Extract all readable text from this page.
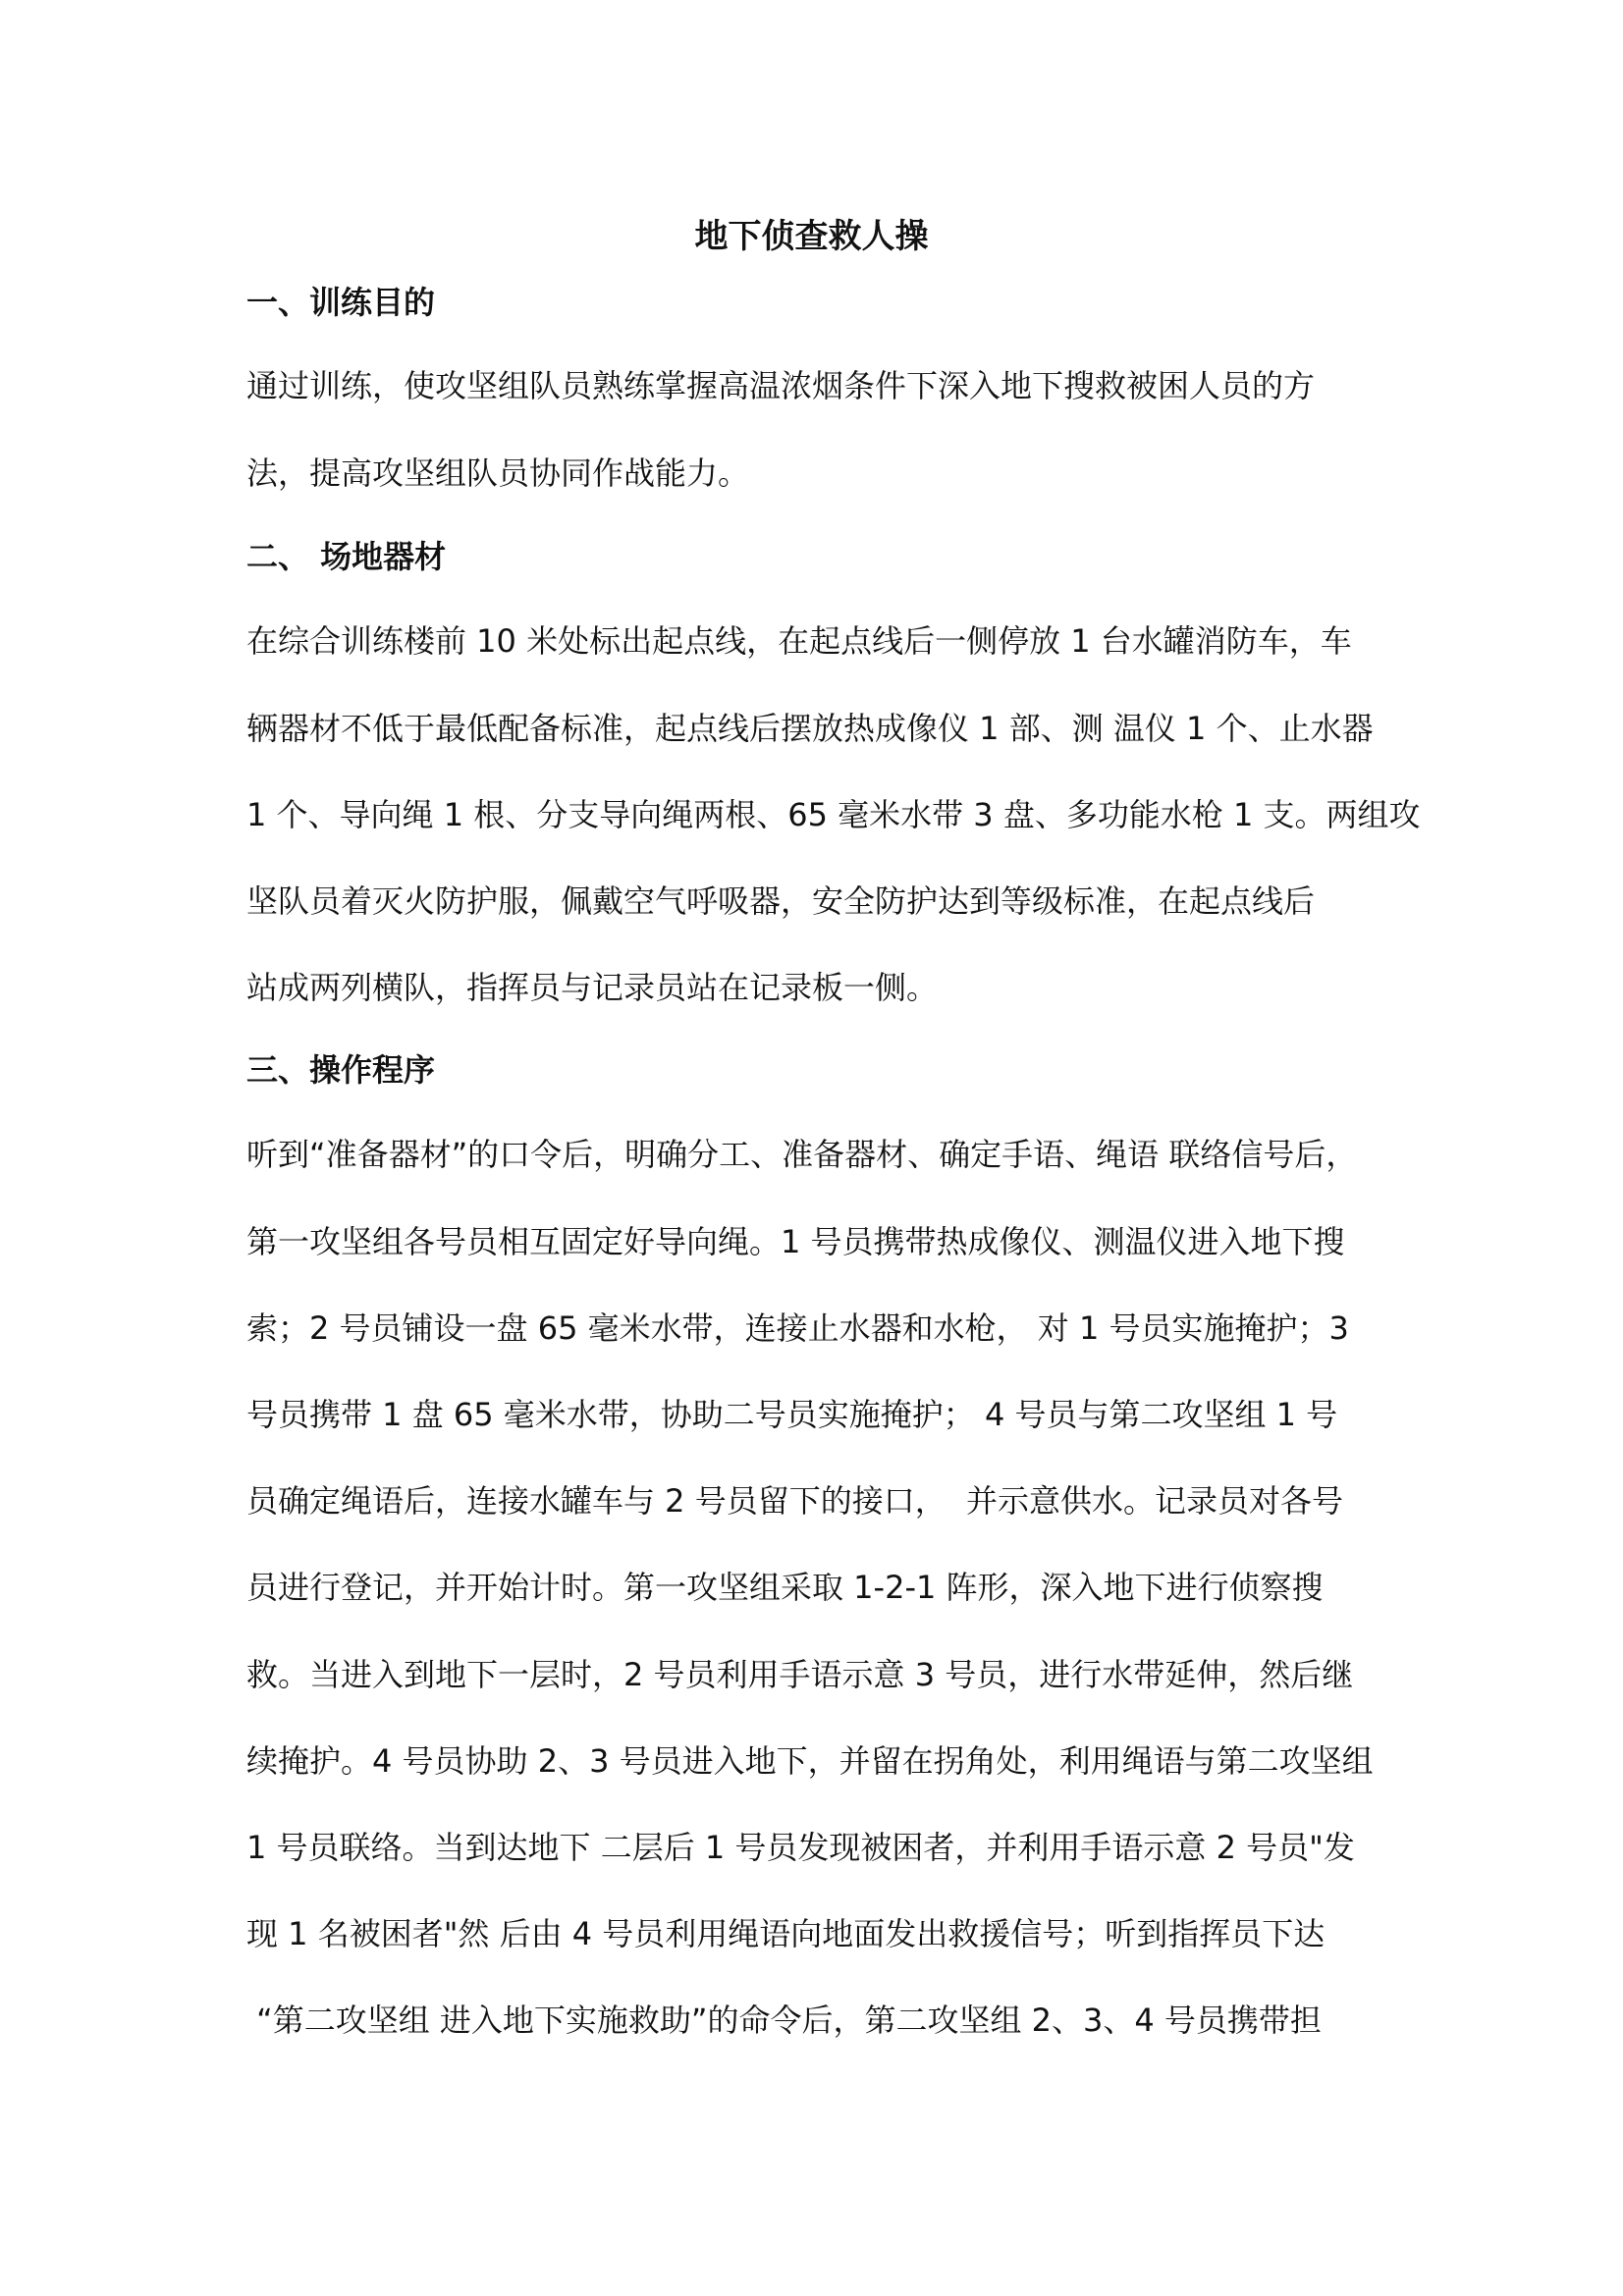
地下侦查救人操
一、训练目的
通过训练，使攻坚组队员熟练掌握高温浓烟条件下深入地下搜救被困人员的方
法，提高攻坚组队员协同作战能力。
二、 场地器材
在综合训练楼前 10 米处标出起点线，在起点线后一侧停放 1 台水罐消防车，车
辆器材不低于最低配备标准，起点线后摆放热成像仪 1 部、测 温仪 1 个、止水器
1 个、导向绳 1 根、分支导向绳两根、65 毫米水带 3 盘、多功能水枪 1 支。两组攻
坚队员着灭火防护服，佩戴空气呼吸器，安全防护达到等级标准，在起点线后
站成两列横队，指挥员与记录员站在记录板一侧。
三、操作程序
听到“准备器材”的口令后，明确分工、准备器材、确定手语、绳语 联络信号后，
第一攻坚组各号员相互固定好导向绳。1 号员携带热成像仪、测温仪进入地下搜
索；2 号员铺设一盘 65 毫米水带，连接止水器和水枪， 对 1 号员实施掩护；3
号员携带 1 盘 65 毫米水带，协助二号员实施掩护； 4 号员与第二攻坚组 1 号
员确定绳语后，连接水罐车与 2 号员留下的接口，  并示意供水。记录员对各号
员进行登记，并开始计时。第一攻坚组采取 1-2-1 阵形，深入地下进行侦察搜
救。当进入到地下一层时，2 号员利用手语示意 3 号员，进行水带延伸，然后继
续掩护。4 号员协助 2、3 号员进入地下，并留在拐角处，利用绳语与第二攻坚组
1 号员联络。当到达地下 二层后 1 号员发现被困者，并利用手语示意 2 号员"发
现 1 名被困者"然 后由 4 号员利用绳语向地面发出救援信号；听到指挥员下达
“第二攻坚组 进入地下实施救助”的命令后，第二攻坚组 2、3、4 号员携带担
